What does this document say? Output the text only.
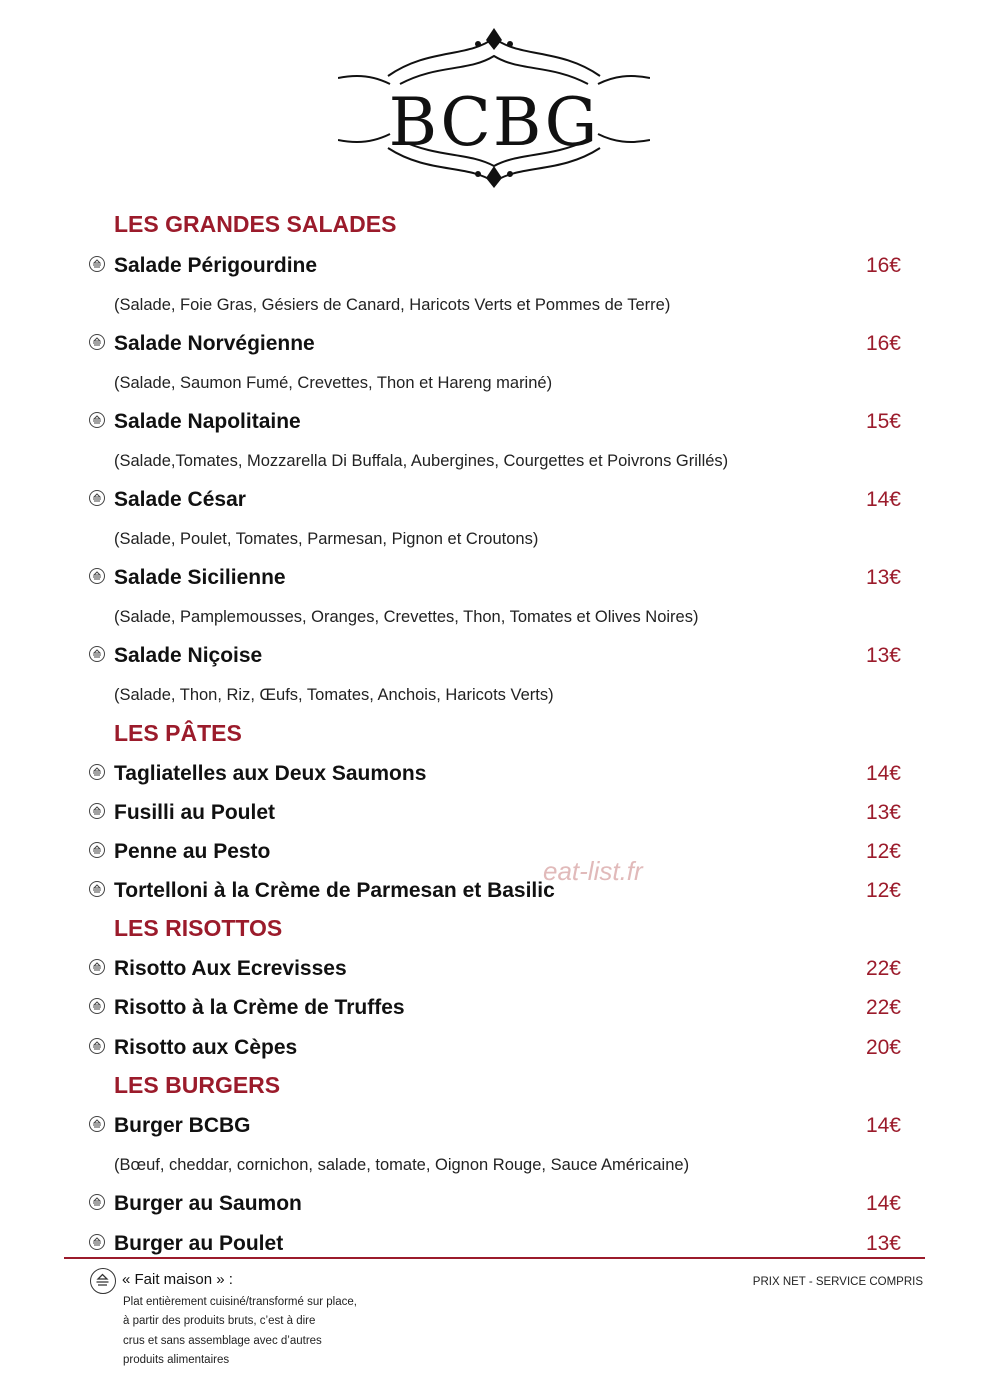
BCBG
LES GRANDES SALADES
LES PÂTES
LES RISOTTOS
LES BURGERS
Salade Périgourdine
Salade Norvégienne
Salade Napolitaine
Salade César
Salade Sicilienne
Salade Niçoise
Tagliatelles aux Deux Saumons
Fusilli au Poulet
Penne au Pesto
Tortelloni à la Crème de Parmesan et Basilic
Risotto Aux Ecrevisses
Risotto à la Crème de Truffes
Risotto aux Cèpes
Burger BCBG
Burger au Saumon
Burger au Poulet
16€
16€
15€
14€
13€
13€
14€
13€
12€
12€
22€
22€
20€
14€
14€
13€
(Salade, Foie Gras, Gésiers de Canard, Haricots Verts et Pommes de Terre)
(Salade, Saumon Fumé, Crevettes, Thon et Hareng mariné)
(Salade,Tomates, Mozzarella Di Buffala, Aubergines, Courgettes et Poivrons Grillés)
(Salade, Poulet, Tomates, Parmesan, Pignon et Croutons)
(Salade, Pamplemousses, Oranges, Crevettes, Thon, Tomates et Olives Noires)
(Salade, Thon, Riz, Œufs, Tomates, Anchois, Haricots Verts)
(Bœuf, cheddar, cornichon, salade, tomate, Oignon Rouge, Sauce Américaine)
eat-list.fr
« Fait maison » :
Plat entièrement cuisiné/transformé sur place,
à partir des produits bruts, c’est à dire
crus et sans assemblage avec d’autres
produits alimentaires
PRIX NET - SERVICE COMPRIS
